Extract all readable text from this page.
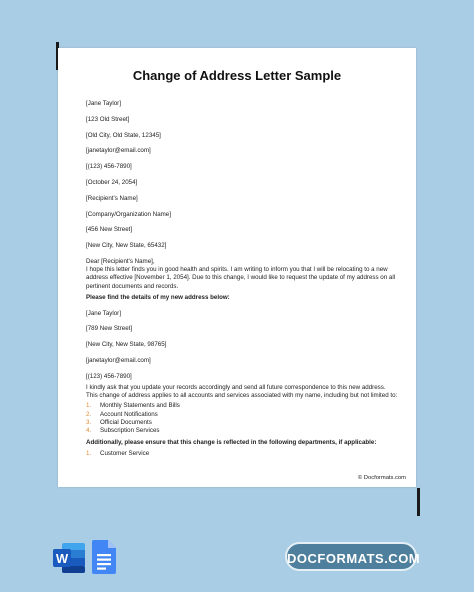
Change of Address Letter Sample
[Jane Taylor]
[123 Old Street]
[Old City, Old State, 12345]
[janetaylor@email.com]
[(123) 456-7890]
[October 24, 2054]
[Recipient's Name]
[Company/Organization Name]
[456 New Street]
[New City, New State, 65432]
Dear [Recipient's Name],
I hope this letter finds you in good health and spirits. I am writing to inform you that I will be relocating to a new address effective [November 1, 2054]. Due to this change, I would like to request the update of my address on all pertinent documents and records.
Please find the details of my new address below:
[Jane Taylor]
[789 New Street]
[New City, New State, 98765]
[janetaylor@email.com]
[(123) 456-7890]
I kindly ask that you update your records accordingly and send all future correspondence to this new address. This change of address applies to all accounts and services associated with my name, including but not limited to:
1. Monthly Statements and Bills
2. Account Notifications
3. Official Documents
4. Subscription Services
Additionally, please ensure that this change is reflected in the following departments, if applicable:
1. Customer Service
© Docformats.com
W	DOCFORMATS.COM
